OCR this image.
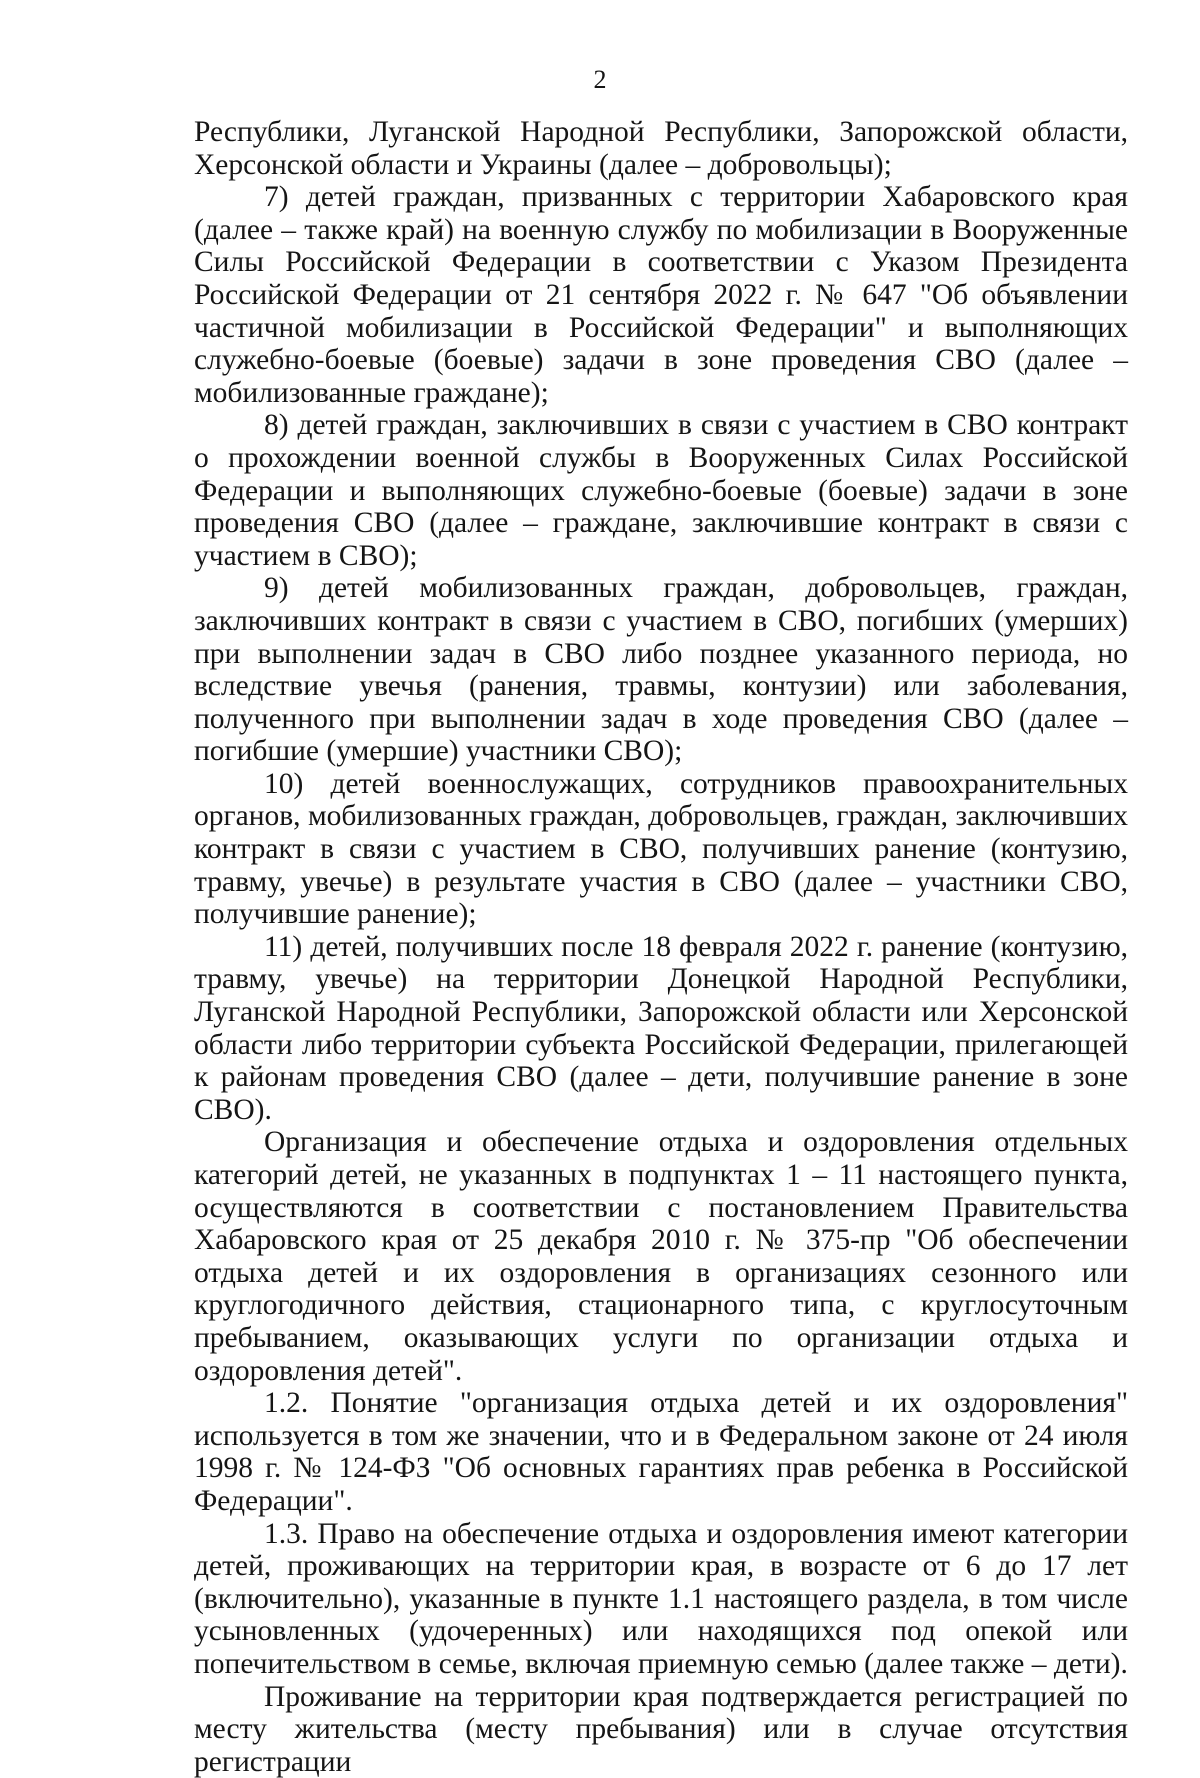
2

Республики, Луганской Народной Республики, Запорожской области, Херсонской области и Украины (далее – добровольцы);

7) детей граждан, призванных с территории Хабаровского края (далее – также край) на военную службу по мобилизации в Вооруженные Силы Российской Федерации в соответствии с Указом Президента Российской Федерации от 21 сентября 2022 г. № 647 "Об объявлении частичной мобилизации в Российской Федерации" и выполняющих служебно-боевые (боевые) задачи в зоне проведения СВО (далее – мобилизованные граждане);

8) детей граждан, заключивших в связи с участием в СВО контракт о прохождении военной службы в Вооруженных Силах Российской Федерации и выполняющих служебно-боевые (боевые) задачи в зоне проведения СВО (далее – граждане, заключившие контракт в связи с участием в СВО);

9) детей мобилизованных граждан, добровольцев, граждан, заключивших контракт в связи с участием в СВО, погибших (умерших) при выполнении задач в СВО либо позднее указанного периода, но вследствие увечья (ранения, травмы, контузии) или заболевания, полученного при выполнении задач в ходе проведения СВО (далее – погибшие (умершие) участники СВО);

10) детей военнослужащих, сотрудников правоохранительных органов, мобилизованных граждан, добровольцев, граждан, заключивших контракт в связи с участием в СВО, получивших ранение (контузию, травму, увечье) в результате участия в СВО (далее – участники СВО, получившие ранение);

11) детей, получивших после 18 февраля 2022 г. ранение (контузию, травму, увечье) на территории Донецкой Народной Республики, Луганской Народной Республики, Запорожской области или Херсонской области либо территории субъекта Российской Федерации, прилегающей к районам проведения СВО (далее – дети, получившие ранение в зоне СВО).

Организация и обеспечение отдыха и оздоровления отдельных категорий детей, не указанных в подпунктах 1 – 11 настоящего пункта, осуществляются в соответствии с постановлением Правительства Хабаровского края от 25 декабря 2010 г. № 375-пр "Об обеспечении отдыха детей и их оздоровления в организациях сезонного или круглогодичного действия, стационарного типа, с круглосуточным пребыванием, оказывающих услуги по организации отдыха и оздоровления детей".

1.2. Понятие "организация отдыха детей и их оздоровления" используется в том же значении, что и в Федеральном законе от 24 июля 1998 г. № 124-ФЗ "Об основных гарантиях прав ребенка в Российской Федерации".

1.3. Право на обеспечение отдыха и оздоровления имеют категории детей, проживающих на территории края, в возрасте от 6 до 17 лет (включительно), указанные в пункте 1.1 настоящего раздела, в том числе усыновленных (удочеренных) или находящихся под опекой или попечительством в семье, включая приемную семью (далее также – дети).

Проживание на территории края подтверждается регистрацией по месту жительства (месту пребывания) или в случае отсутствия регистрации
